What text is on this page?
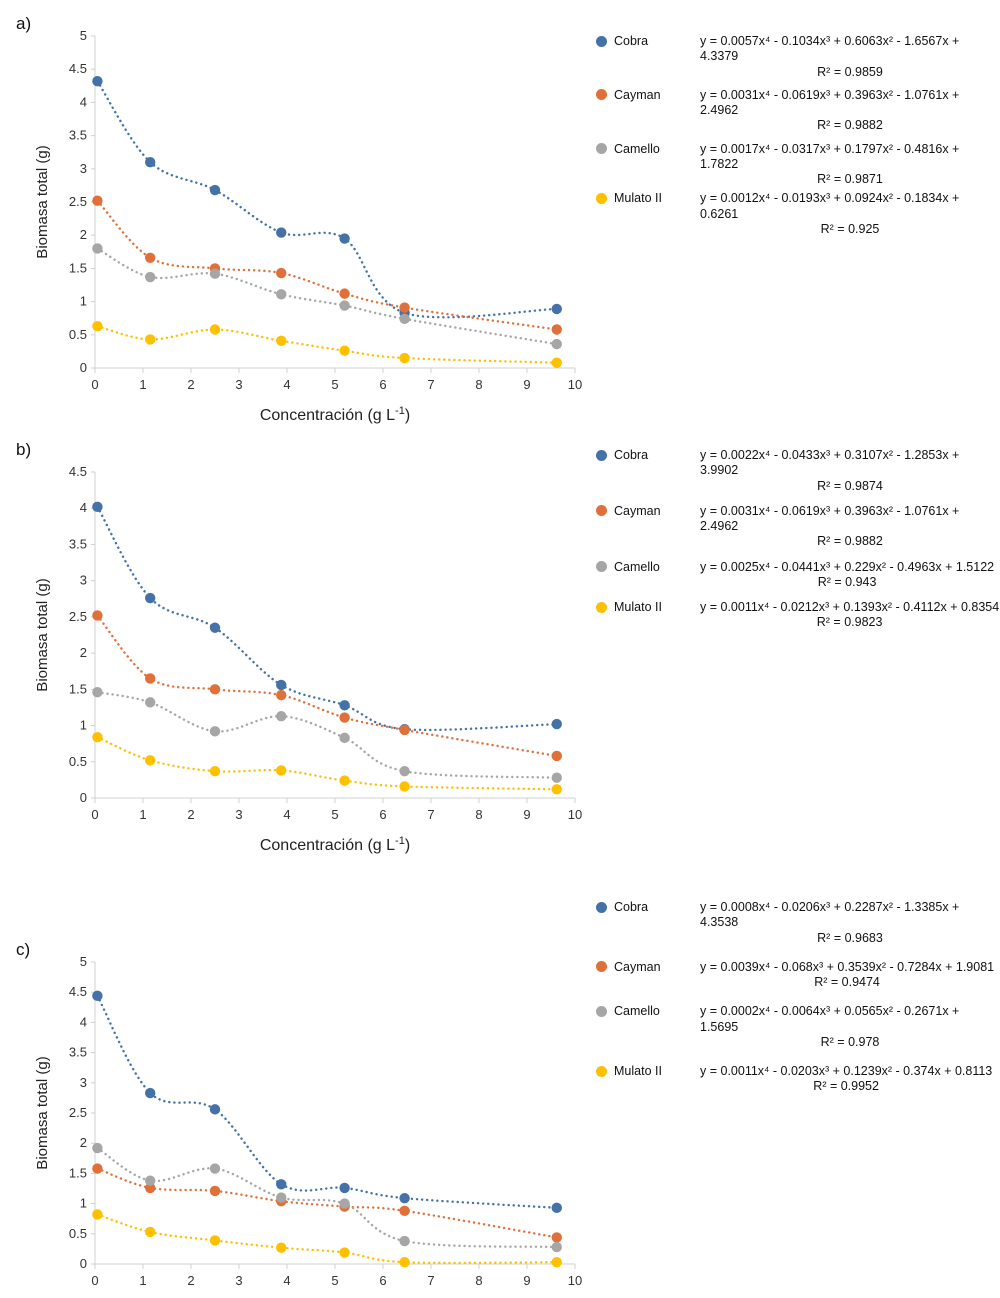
a)
0
0.5
1
1.5
2
2.5
3
3.5
4
4.5
5
0	1	2	3	4	5	6	7	8	9	10
Biomasa total (g)
Concentración (g $L^{-1}$)
Cobra	y = 0.0057x⁴ - 0.1034x³ + 0.6063x² - 1.6567x + 4.3379
R² = 0.9859
Cayman	y = 0.0031x⁴ - 0.0619x³ + 0.3963x² - 1.0761x + 2.4962
R² = 0.9882
Camello	y = 0.0017x⁴ - 0.0317x³ + 0.1797x² - 0.4816x + 1.7822
R² = 0.9871
Mulato II	y = 0.0012x⁴ - 0.0193x³ + 0.0924x² - 0.1834x + 0.6261
R² = 0.925
b)
0
0.5
1
1.5
2
2.5
3
3.5
4
4.5
0	1	2	3	4	5	6	7	8	9	10
Biomasa total (g)
Concentración (g $L^{-1}$)
Cobra	y = 0.0022x⁴ - 0.0433x³ + 0.3107x² - 1.2853x + 3.9902
R² = 0.9874
Cayman	y = 0.0031x⁴ - 0.0619x³ + 0.3963x² - 1.0761x + 2.4962
R² = 0.9882
Camello	y = 0.0025x⁴ - 0.0441x³ + 0.229x² - 0.4963x + 1.5122
R² = 0.943
Mulato II	y = 0.0011x⁴ - 0.0212x³ + 0.1393x² - 0.4112x + 0.8354
R² = 0.9823
c)
0
0.5
1
1.5
2
2.5
3
3.5
4
4.5
5
0	1	2	3	4	5	6	7	8	9	10
Biomasa total (g)
Cobra	y = 0.0008x⁴ - 0.0206x³ + 0.2287x² - 1.3385x + 4.3538
R² = 0.9683
Cayman	y = 0.0039x⁴ - 0.068x³ + 0.3539x² - 0.7284x + 1.9081
R² = 0.9474
Camello	y = 0.0002x⁴ - 0.0064x³ + 0.0565x² - 0.2671x + 1.5695
R² = 0.978
Mulato II	y = 0.0011x⁴ - 0.0203x³ + 0.1239x² - 0.374x + 0.8113
R² = 0.9952
